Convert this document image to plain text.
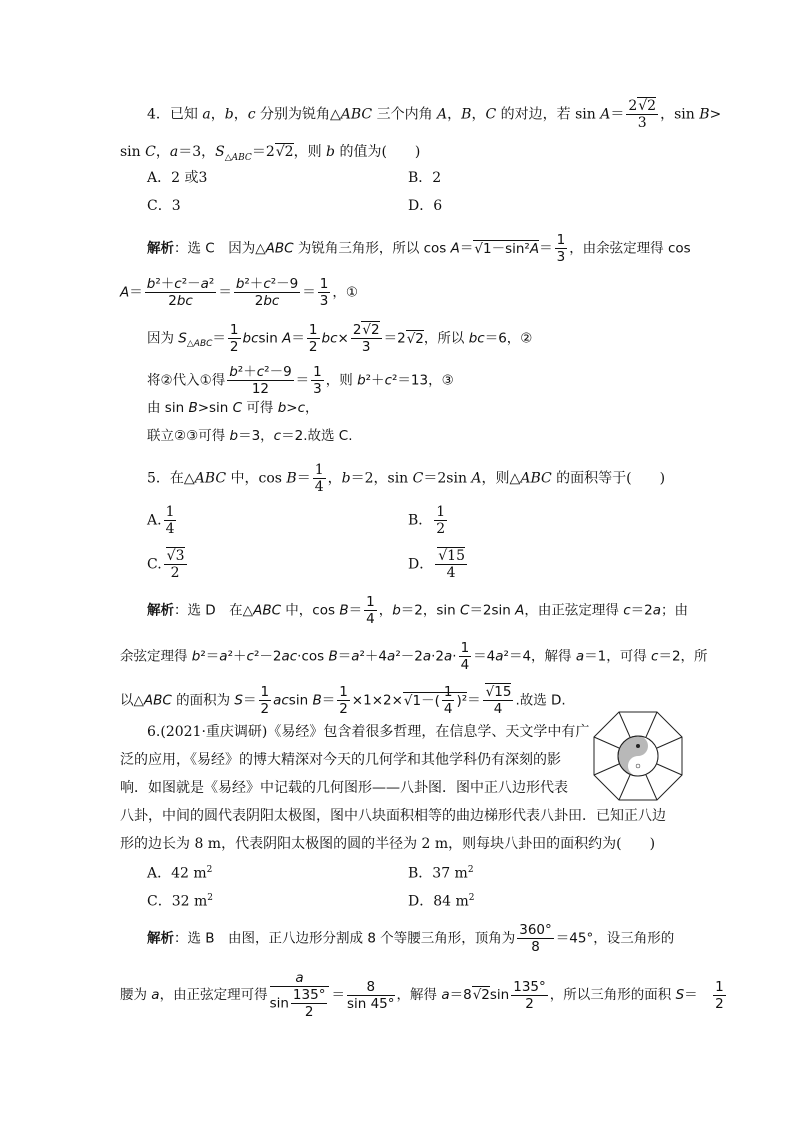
4．已知 a，b，c 分别为锐角△ABC 三个内角 A，B，C 的对边，若 $\sin A= \frac{2√2}{3}$ ，sin B>
sin C，a＝3，$S_{\triangle ABC}=2√2$，则 b 的值为(　　)
A．2 或3	B．2
C．3	D．6
解析：选 C　因为△ABC 为锐角三角形，所以 $\cos A=√1-\sin^2A= \frac{1}{3}$ ，由余弦定理得 cos
$A= \frac{\text{b²＋c²－a²}}{2bc} = \frac{\text{b²＋c²－9}}{2bc} = \frac{1}{3}$ ，①
因为 $S_{\triangle ABC}= \frac{1}{2}$ bcsin $A= \frac{1}{2} bc\times \frac{2√2}{3} =2√2$，所以 bc＝6，②
将②代入①得 $\frac{\text{b²＋c²－9}}{12} = \frac{1}{3}$ ，则 b²＋c²＝13，③
由 sin B>sin C 可得 b>c，
联立②③可得 b＝3，c＝2.故选 C.
5．在△ABC 中，$\cos B= \frac{1}{4}$ ，b＝2，sin C＝2sin A，则△ABC 的面积等于(　　)
A. $\frac{1}{4}$	B． $\frac{1}{2}$
C. $\frac{√3}{2}$	D． $\frac{√15}{4}$
解析：选 D　在△ABC 中，$\cos B= \frac{1}{4}$ ，b＝2，sin C＝2sin A，由正弦定理得 c＝2a；由
余弦定理得 b²＝a²＋c²－2ac·cos $B=a^2+4a^2-2a\cdot 2a\cdot \frac{1}{4} =4a^2=4$，解得 a＝1，可得 c＝2，所
以△ABC 的面积为 $S= \frac{1}{2}$ acsin $B= \frac{1}{2} \times 1\times 2\times√1-( \frac{1}{4} )^2= \frac{√15}{4}$ .故选 D.
6.(2021·重庆调研)《易经》包含着很多哲理，在信息学、天文学中有广
泛的应用，《易经》的博大精深对今天的几何学和其他学科仍有深刻的影
响．如图就是《易经》中记载的几何图形——八卦图．图中正八边形代表
八卦，中间的圆代表阴阳太极图，图中八块面积相等的曲边梯形代表八卦田．已知正八边
形的边长为 8 m，代表阴阳太极图的圆的半径为 2 m，则每块八卦田的面积约为(　　)
A．42 $m^2$	B．37 $m^2$
C．32 $m^2$	D．84 $m^2$
解析：选 B　由图，正八边形分割成 8 个等腰三角形，顶角为 $\frac{360^\circ}{8} =45^\circ$，设三角形的
腰为 a，由正弦定理可得 $\frac{a}{\sin \frac{135^\circ}{2}} = \frac{8}{\sin 45^\circ}$ ，解得 $a=8√2\sin \frac{135^\circ}{2}$ ，所以三角形的面积 S＝　 $\frac{1}{2}$
